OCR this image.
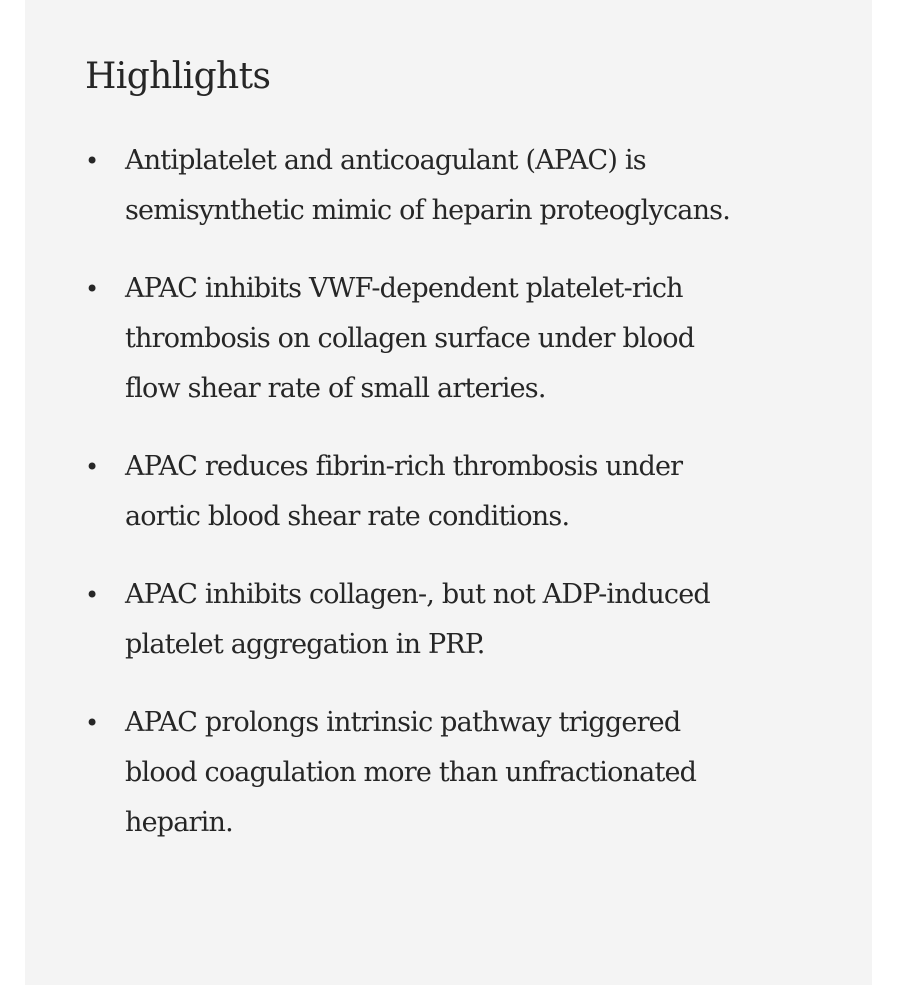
Highlights
• Antiplatelet and anticoagulant (APAC) is semisynthetic mimic of heparin proteoglycans.
• APAC inhibits VWF-dependent platelet-rich thrombosis on collagen surface under blood flow shear rate of small arteries.
• APAC reduces fibrin-rich thrombosis under aortic blood shear rate conditions.
• APAC inhibits collagen-, but not ADP-induced platelet aggregation in PRP.
• APAC prolongs intrinsic pathway triggered blood coagulation more than unfractionated heparin.
